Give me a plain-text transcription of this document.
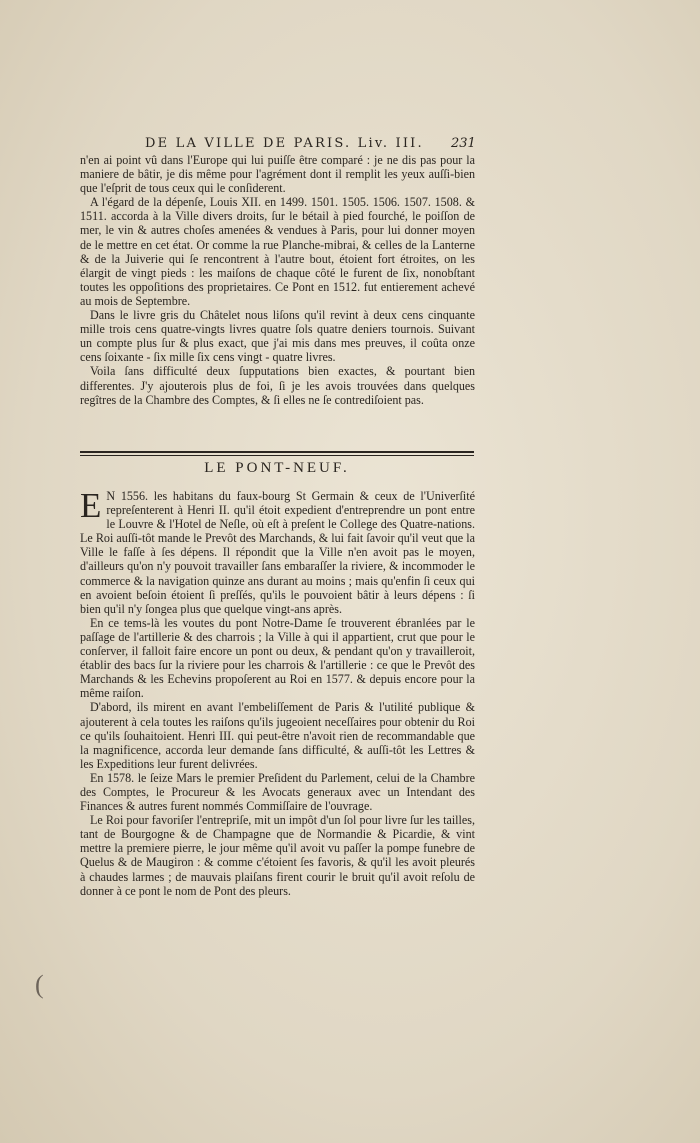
DE LA VILLE DE PARIS. Liv. III.	231

n'en ai point vû dans l'Europe qui lui puiſſe être comparé : je ne dis pas pour la maniere de bâtir, je dis même pour l'agrément dont il remplit les yeux auſſi-bien que l'eſprit de tous ceux qui le conſiderent.

A l'égard de la dépenſe, Louis XII. en 1499. 1501. 1505. 1506. 1507. 1508. & 1511. accorda à la Ville divers droits, ſur le bétail à pied fourché, le poiſſon de mer, le vin & autres choſes amenées & vendues à Paris, pour lui donner moyen de le mettre en cet état. Or comme la rue Planche-mibrai, & celles de la Lanterne & de la Juiverie qui ſe rencontrent à l'autre bout, étoient fort étroites, on les élargit de vingt pieds : les maiſons de chaque côté le furent de ſix, nonobſtant toutes les oppoſitions des proprietaires. Ce Pont en 1512. fut entierement achevé au mois de Septembre.

Dans le livre gris du Châtelet nous liſons qu'il revint à deux cens cinquante mille trois cens quatre-vingts livres quatre ſols quatre deniers tournois. Suivant un compte plus ſur & plus exact, que j'ai mis dans mes preuves, il coûta onze cens ſoixante - ſix mille ſix cens vingt - quatre livres.

Voila ſans difficulté deux ſupputations bien exactes, & pourtant bien differentes. J'y ajouterois plus de foi, ſi je les avois trouvées dans quelques regîtres de la Chambre des Comptes, & ſi elles ne ſe contrediſoient pas.

LE PONT-NEUF.

E N 1556. les habitans du faux-bourg St Germain & ceux de l'Univerſité repreſenterent à Henri II. qu'il étoit expedient d'entreprendre un pont entre le Louvre & l'Hotel de Neſle, où eſt à preſent le College des Quatre-nations. Le Roi auſſi-tôt mande le Prevôt des Marchands, & lui fait ſavoir qu'il veut que la Ville le faſſe à ſes dépens. Il répondit que la Ville n'en avoit pas le moyen, d'ailleurs qu'on n'y pouvoit travailler ſans embaraſſer la riviere, & incommoder le commerce & la navigation quinze ans durant au moins ; mais qu'enfin ſi ceux qui en avoient beſoin étoient ſi preſſés, qu'ils le pouvoient bâtir à leurs dépens : ſi bien qu'il n'y ſongea plus que quelque vingt-ans après.

En ce tems-là les voutes du pont Notre-Dame ſe trouverent ébranlées par le paſſage de l'artillerie & des charrois ; la Ville à qui il appartient, crut que pour le conſerver, il falloit faire encore un pont ou deux, & pendant qu'on y travailleroit, établir des bacs ſur la riviere pour les charrois & l'artillerie : ce que le Prevôt des Marchands & les Echevins propoſerent au Roi en 1577. & depuis encore pour la même raiſon.

D'abord, ils mirent en avant l'embeliſſement de Paris & l'utilité publique & ajouterent à cela toutes les raiſons qu'ils jugeoient neceſſaires pour obtenir du Roi ce qu'ils ſouhaitoient. Henri III. qui peut-être n'avoit rien de recommandable que la magnificence, accorda leur demande ſans difficulté, & auſſi-tôt les Lettres & les Expeditions leur furent delivrées.

En 1578. le ſeize Mars le premier Preſident du Parlement, celui de la Chambre des Comptes, le Procureur & les Avocats generaux avec un Intendant des Finances & autres furent nommés Commiſſaire de l'ouvrage.

Le Roi pour favoriſer l'entrepriſe, mit un impôt d'un ſol pour livre ſur les tailles, tant de Bourgogne & de Champagne que de Normandie & Picardie, & vint mettre la premiere pierre, le jour même qu'il avoit vu paſſer la pompe funebre de Quelus & de Maugiron : & comme c'étoient ſes favoris, & qu'il les avoit pleurés à chaudes larmes ; de mauvais plaiſans firent courir le bruit qu'il avoit reſolu de donner à ce pont le nom de Pont des pleurs.

(
